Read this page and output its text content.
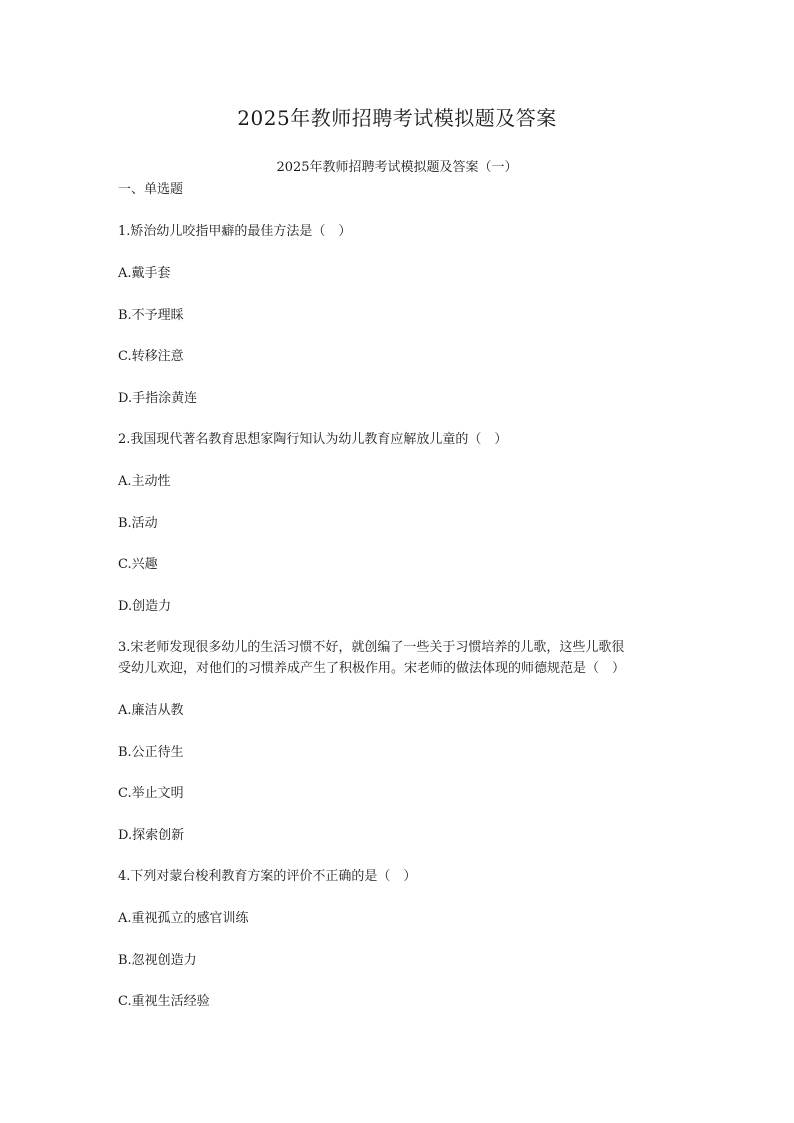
2025年教师招聘考试模拟题及答案
2025年教师招聘考试模拟题及答案（一）
一、单选题
1.矫治幼儿咬指甲癖的最佳方法是（　）
A.戴手套
B.不予理睬
C.转移注意
D.手指涂黄连
2.我国现代著名教育思想家陶行知认为幼儿教育应解放儿童的（　）
A.主动性
B.活动
C.兴趣
D.创造力
3.宋老师发现很多幼儿的生活习惯不好，就创编了一些关于习惯培养的儿歌，这些儿歌很
受幼儿欢迎，对他们的习惯养成产生了积极作用。宋老师的做法体现的师德规范是（　）
A.廉洁从教
B.公正待生
C.举止文明
D.探索创新
4.下列对蒙台梭利教育方案的评价不正确的是（　）
A.重视孤立的感官训练
B.忽视创造力
C.重视生活经验
